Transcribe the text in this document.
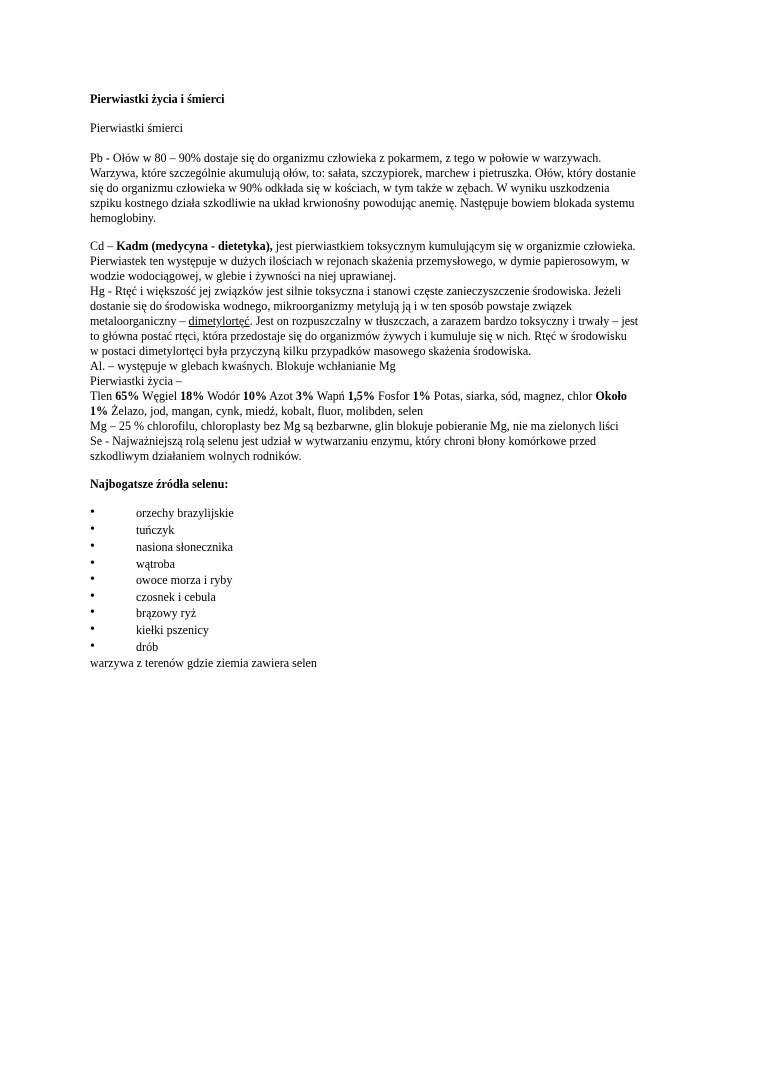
Pierwiastki życia i śmierci
Pierwiastki śmierci
Pb - Ołów w 80 – 90% dostaje się do organizmu człowieka z pokarmem, z tego w połowie w warzywach.
Warzywa, które szczególnie akumulują ołów, to: sałata, szczypiorek, marchew i pietruszka. Ołów, który dostanie
się do organizmu człowieka w 90% odkłada się w kościach, w tym także w zębach. W wyniku uszkodzenia
szpiku kostnego działa szkodliwie na układ krwionośny powodując anemię. Następuje bowiem blokada systemu
hemoglobiny.
Cd – Kadm (medycyna - dietetyka), jest pierwiastkiem toksycznym kumulującym się w organizmie człowieka.
Pierwiastek ten występuje w dużych ilościach w rejonach skażenia przemysłowego, w dymie papierosowym, w
wodzie wodociągowej, w glebie i żywności na niej uprawianej.
Hg - Rtęć i większość jej związków jest silnie toksyczna i stanowi częste zanieczyszczenie środowiska. Jeżeli
dostanie się do środowiska wodnego, mikroorganizmy metylują ją i w ten sposób powstaje związek
metaloorganiczny – dimetylortęć. Jest on rozpuszczalny w tłuszczach, a zarazem bardzo toksyczny i trwały – jest
to główna postać rtęci, która przedostaje się do organizmów żywych i kumuluje się w nich. Rtęć w środowisku
w postaci dimetylortęci była przyczyną kilku przypadków masowego skażenia środowiska.
Al. – występuje w glebach kwaśnych. Blokuje wchłanianie Mg
Pierwiastki życia –
Tlen 65% Węgiel 18% Wodór 10% Azot 3% Wapń 1,5% Fosfor 1% Potas, siarka, sód, magnez, chlor Około
1% Żelazo, jod, mangan, cynk, miedź, kobalt, fluor, molibden, selen
Mg – 25 % chlorofilu, chloroplasty bez Mg są bezbarwne, glin blokuje pobieranie Mg, nie ma zielonych liści
Se - Najważniejszą rolą selenu jest udział w wytwarzaniu enzymu, który chroni błony komórkowe przed
szkodliwym działaniem wolnych rodników.
Najbogatsze źródła selenu:
•	orzechy brazylijskie
•	tuńczyk
•	nasiona słonecznika
•	wątroba
•	owoce morza i ryby
•	czosnek i cebula
•	brązowy ryż
•	kiełki pszenicy
•	drób
warzywa z terenów gdzie ziemia zawiera selen
